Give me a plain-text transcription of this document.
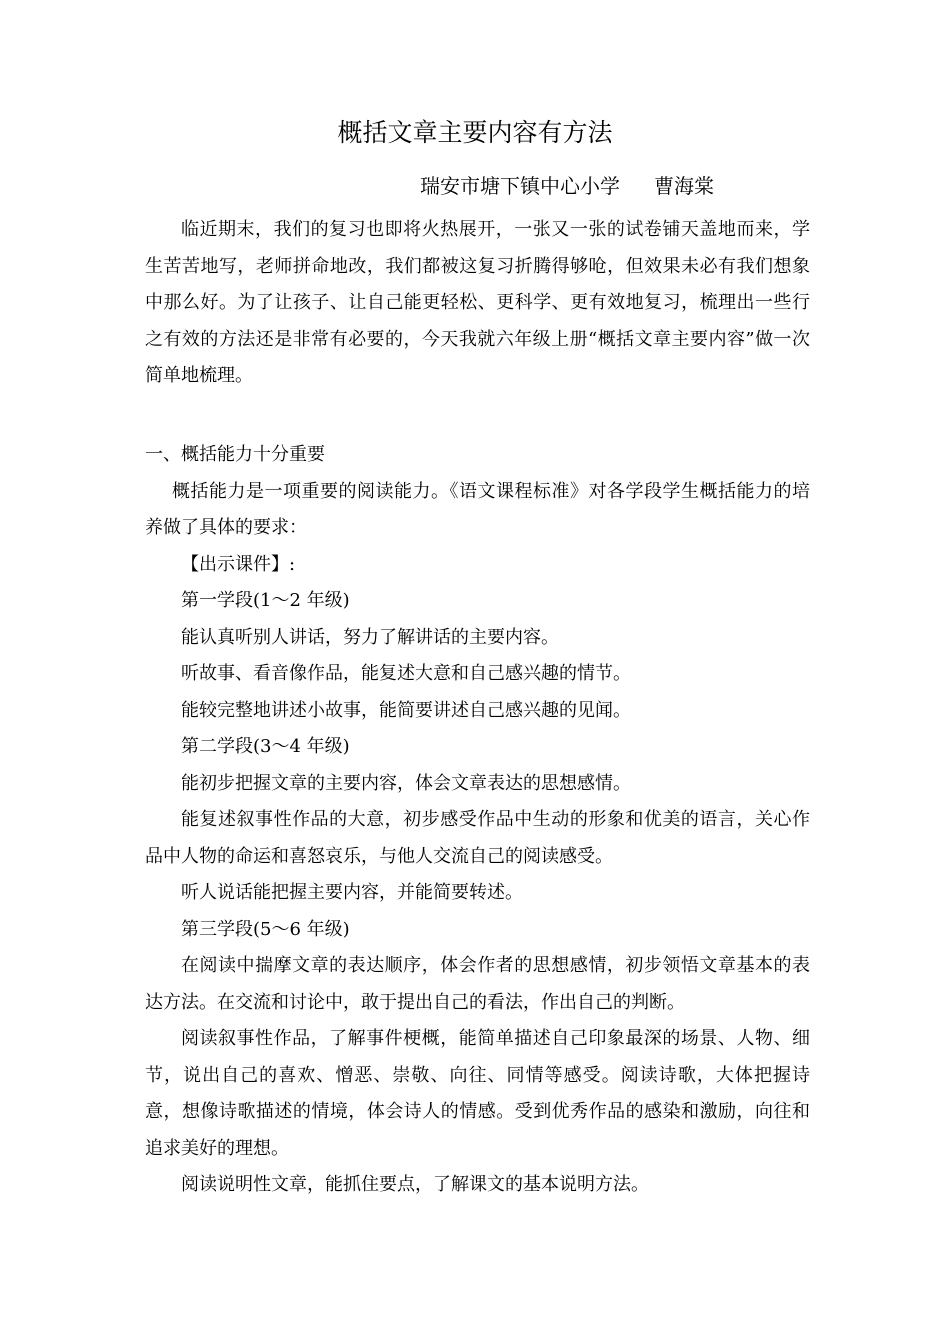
概括文章主要内容有方法
瑞安市塘下镇中心小学 曹海棠

临近期末，我们的复习也即将火热展开，一张又一张的试卷铺天盖地而来，学生苦苦地写，老师拼命地改，我们都被这复习折腾得够呛，但效果未必有我们想象中那么好。为了让孩子、让自己能更轻松、更科学、更有效地复习，梳理出一些行之有效的方法还是非常有必要的，今天我就六年级上册“概括文章主要内容”做一次简单地梳理。

一、概括能力十分重要

概括能力是一项重要的阅读能力。《语文课程标准》对各学段学生概括能力的培养做了具体的要求：

【出示课件】:

第一学段(1～2 年级)

能认真听别人讲话，努力了解讲话的主要内容。

听故事、看音像作品，能复述大意和自己感兴趣的情节。

能较完整地讲述小故事，能简要讲述自己感兴趣的见闻。

第二学段(3～4 年级)

能初步把握文章的主要内容，体会文章表达的思想感情。

能复述叙事性作品的大意，初步感受作品中生动的形象和优美的语言，关心作品中人物的命运和喜怒哀乐，与他人交流自己的阅读感受。

听人说话能把握主要内容，并能简要转述。

第三学段(5～6 年级)

在阅读中揣摩文章的表达顺序，体会作者的思想感情，初步领悟文章基本的表达方法。在交流和讨论中，敢于提出自己的看法，作出自己的判断。

阅读叙事性作品，了解事件梗概，能简单描述自己印象最深的场景、人物、细节，说出自己的喜欢、憎恶、崇敬、向往、同情等感受。阅读诗歌，大体把握诗意，想像诗歌描述的情境，体会诗人的情感。受到优秀作品的感染和激励，向往和追求美好的理想。

阅读说明性文章，能抓住要点，了解课文的基本说明方法。
